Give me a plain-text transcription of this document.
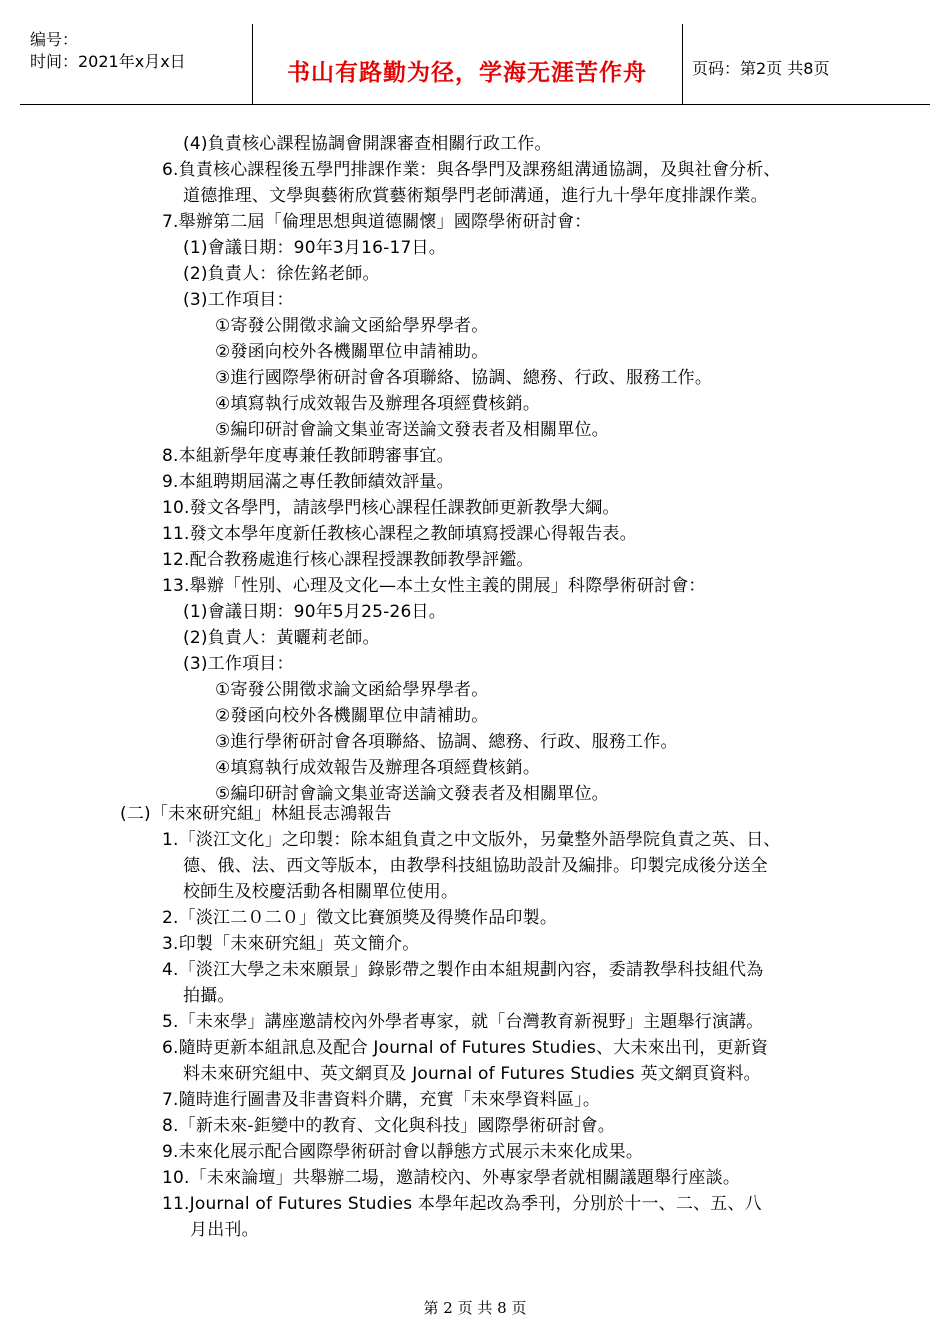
编号：
时间：2021年x月x日	书山有路勤为径，学海无涯苦作舟	页码：第2页 共8页
(4)負責核心課程協調會開課審查相關行政工作。
6.負責核心課程後五學門排課作業：與各學門及課務組溝通協調，及與社會分析、
道德推理、文學與藝術欣賞藝術類學門老師溝通，進行九十學年度排課作業。
7.舉辦第二屆「倫理思想與道德關懷」國際學術研討會：
(1)會議日期：90年3月16-17日。
(2)負責人：徐佐銘老師。
(3)工作項目：
①寄發公開徵求論文函給學界學者。
②發函向校外各機關單位申請補助。
③進行國際學術研討會各項聯絡、協調、總務、行政、服務工作。
④填寫執行成效報告及辦理各項經費核銷。
⑤編印研討會論文集並寄送論文發表者及相關單位。
8.本組新學年度專兼任教師聘審事宜。
9.本組聘期屆滿之專任教師績效評量。
10.發文各學門，請該學門核心課程任課教師更新教學大綱。
11.發文本學年度新任教核心課程之教師填寫授課心得報告表。
12.配合教務處進行核心課程授課教師教學評鑑。
13.舉辦「性別、心理及文化—本土女性主義的開展」科際學術研討會：
(1)會議日期：90年5月25-26日。
(2)負責人：黃曬莉老師。
(3)工作項目：
①寄發公開徵求論文函給學界學者。
②發函向校外各機關單位申請補助。
③進行學術研討會各項聯絡、協調、總務、行政、服務工作。
④填寫執行成效報告及辦理各項經費核銷。
⑤編印研討會論文集並寄送論文發表者及相關單位。
(二)「未來研究組」林組長志鴻報告
1.「淡江文化」之印製：除本組負責之中文版外，另彙整外語學院負責之英、日、
德、俄、法、西文等版本，由教學科技組協助設計及編排。印製完成後分送全
校師生及校慶活動各相關單位使用。
2.「淡江二０二０」徵文比賽頒獎及得獎作品印製。
3.印製「未來研究組」英文簡介。
4.「淡江大學之未來願景」錄影帶之製作由本組規劃內容，委請教學科技組代為
拍攝。
5.「未來學」講座邀請校內外學者專家，就「台灣教育新視野」主題舉行演講。
6.隨時更新本組訊息及配合 Journal of Futures Studies、大未來出刊，更新資
料未來研究組中、英文網頁及 Journal of Futures Studies 英文網頁資料。
7.隨時進行圖書及非書資料介購，充實「未來學資料區」。
8.「新未來-鉅變中的教育、文化與科技」國際學術研討會。
9.未來化展示配合國際學術研討會以靜態方式展示未來化成果。
10.「未來論壇」共舉辦二場，邀請校內、外專家學者就相關議題舉行座談。
11.Journal of Futures Studies 本學年起改為季刊，分別於十一、二、五、八
月出刊。
第 2 页 共 8 页
